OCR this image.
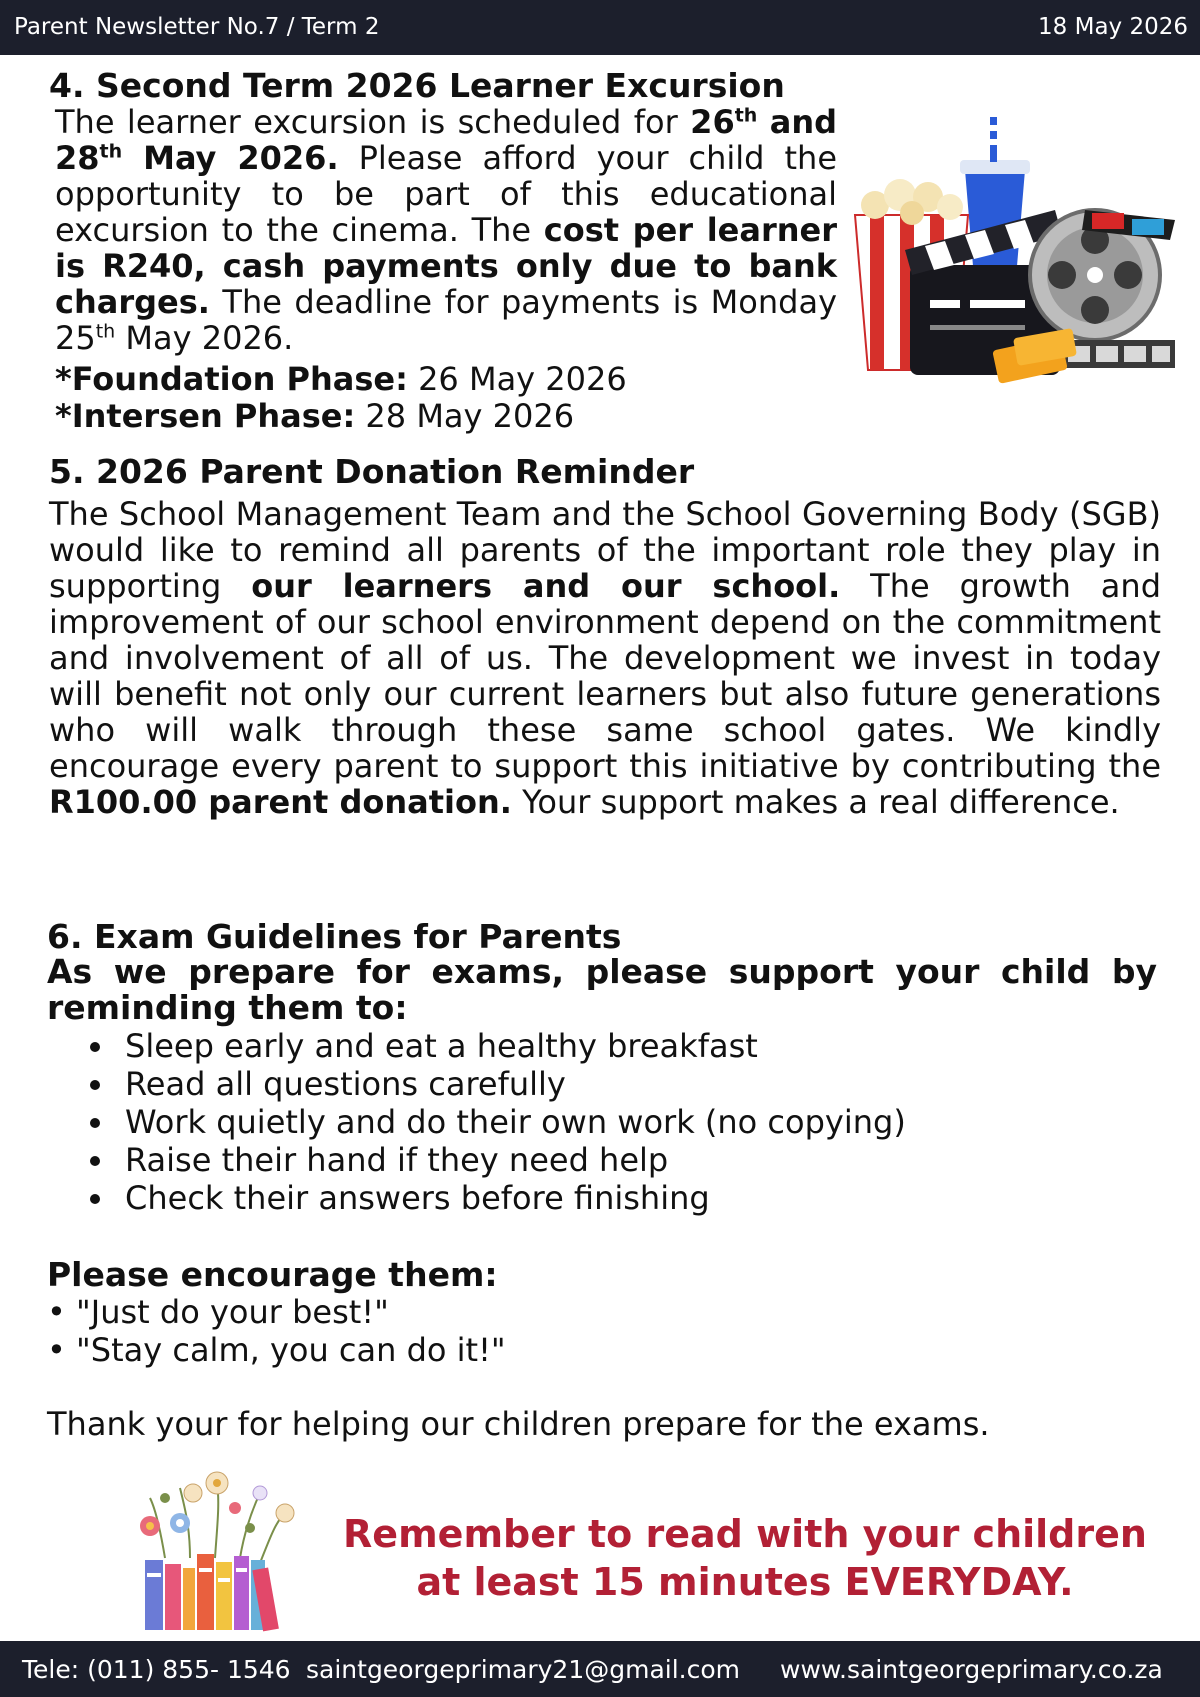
Parent Newsletter No.7 / Term 2	18 May 2026
4. Second Term 2026 Learner Excursion
The learner excursion is scheduled for 26th and 28th May 2026. Please afford your child the opportunity to be part of this educational excursion to the cinema. The cost per learner is R240, cash payments only due to bank charges. The deadline for payments is Monday 25th May 2026.
*Foundation Phase: 26 May 2026
*Intersen Phase: 28 May 2026
5. 2026 Parent Donation Reminder
The School Management Team and the School Governing Body (SGB) would like to remind all parents of the important role they play in supporting our learners and our school. The growth and improvement of our school environment depend on the commitment and involvement of all of us. The development we invest in today will benefit not only our current learners but also future generations who will walk through these same school gates. We kindly encourage every parent to support this initiative by contributing the R100.00 parent donation. Your support makes a real difference.
6. Exam Guidelines for Parents
As we prepare for exams, please support your child by reminding them to:
• Sleep early and eat a healthy breakfast
• Read all questions carefully
• Work quietly and do their own work (no copying)
• Raise their hand if they need help
• Check their answers before finishing
Please encourage them:
• "Just do your best!"
• "Stay calm, you can do it!"
Thank your for helping our children prepare for the exams.
Remember to read with your children
at least 15 minutes EVERYDAY.
Tele: (011) 855- 1546 saintgeorgeprimary21@gmail.com www.saintgeorgeprimary.co.za
